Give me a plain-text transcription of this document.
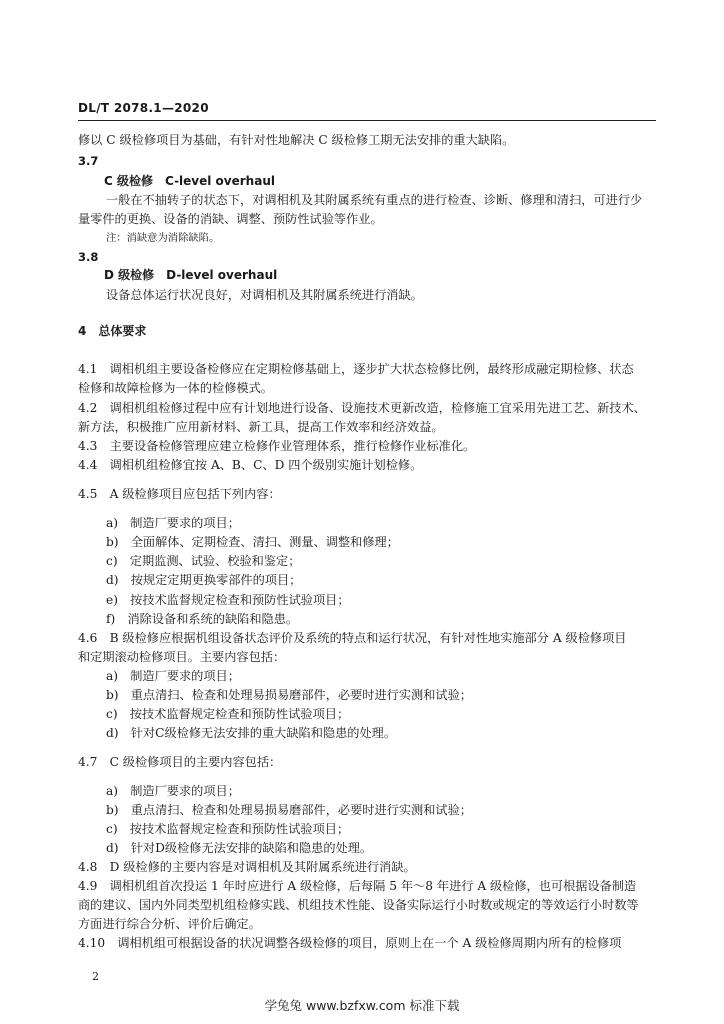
DL/T 2078.1—2020
修以 C 级检修项目为基础，有针对性地解决 C 级检修工期无法安排的重大缺陷。
3.7
C 级检修　C-level overhaul
一般在不抽转子的状态下，对调相机及其附属系统有重点的进行检查、诊断、修理和清扫，可进行少
量零件的更换、设备的消缺、调整、预防性试验等作业。
注：消缺意为消除缺陷。
3.8
D 级检修　D-level overhaul
设备总体运行状况良好，对调相机及其附属系统进行消缺。
4　总体要求
4.1　调相机组主要设备检修应在定期检修基础上，逐步扩大状态检修比例，最终形成融定期检修、状态
检修和故障检修为一体的检修模式。
4.2　调相机组检修过程中应有计划地进行设备、设施技术更新改造，检修施工宜采用先进工艺、新技术、
新方法，积极推广应用新材料、新工具，提高工作效率和经济效益。
4.3　主要设备检修管理应建立检修作业管理体系，推行检修作业标准化。
4.4　调相机组检修宜按 A、B、C、D 四个级别实施计划检修。
4.5　A 级检修项目应包括下列内容：
a)　制造厂要求的项目；
b)　全面解体、定期检查、清扫、测量、调整和修理；
c)　定期监测、试验、校验和鉴定；
d)　按规定定期更换零部件的项目；
e)　按技术监督规定检查和预防性试验项目；
f)　消除设备和系统的缺陷和隐患。
4.6　B 级检修应根据机组设备状态评价及系统的特点和运行状况，有针对性地实施部分 A 级检修项目
和定期滚动检修项目。主要内容包括：
a)　制造厂要求的项目；
b)　重点清扫、检查和处理易损易磨部件，必要时进行实测和试验；
c)　按技术监督规定检查和预防性试验项目；
d)　针对C级检修无法安排的重大缺陷和隐患的处理。
4.7　C 级检修项目的主要内容包括：
a)　制造厂要求的项目；
b)　重点清扫、检查和处理易损易磨部件，必要时进行实测和试验；
c)　按技术监督规定检查和预防性试验项目；
d)　针对D级检修无法安排的缺陷和隐患的处理。
4.8　D 级检修的主要内容是对调相机及其附属系统进行消缺。
4.9　调相机组首次投运 1 年时应进行 A 级检修，后每隔 5 年～8 年进行 A 级检修，也可根据设备制造
商的建议、国内外同类型机组检修实践、机组技术性能、设备实际运行小时数或规定的等效运行小时数等
方面进行综合分析、评价后确定。
4.10　调相机组可根据设备的状况调整各级检修的项目，原则上在一个 A 级检修周期内所有的检修项
2
学兔兔 www.bzfxw.com 标准下载
